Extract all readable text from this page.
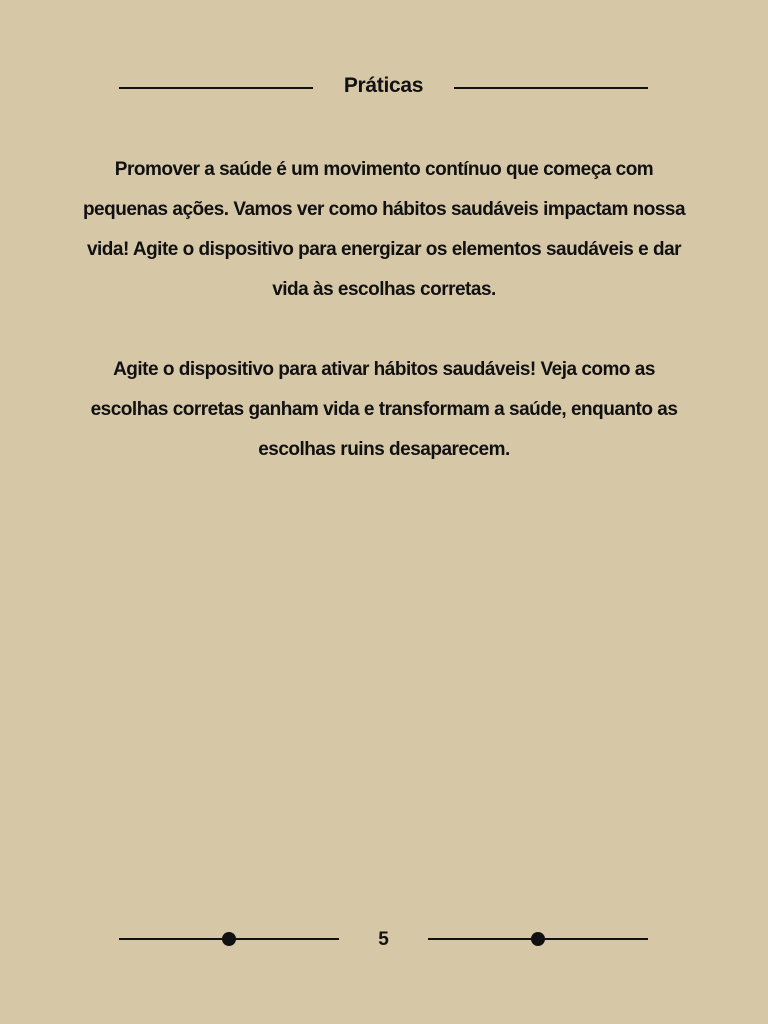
Práticas

Promover a saúde é um movimento contínuo que começa com pequenas ações. Vamos ver como hábitos saudáveis impactam nossa vida! Agite o dispositivo para energizar os elementos saudáveis e dar vida às escolhas corretas.

Agite o dispositivo para ativar hábitos saudáveis! Veja como as escolhas corretas ganham vida e transformam a saúde, enquanto as escolhas ruins desaparecem.

5
